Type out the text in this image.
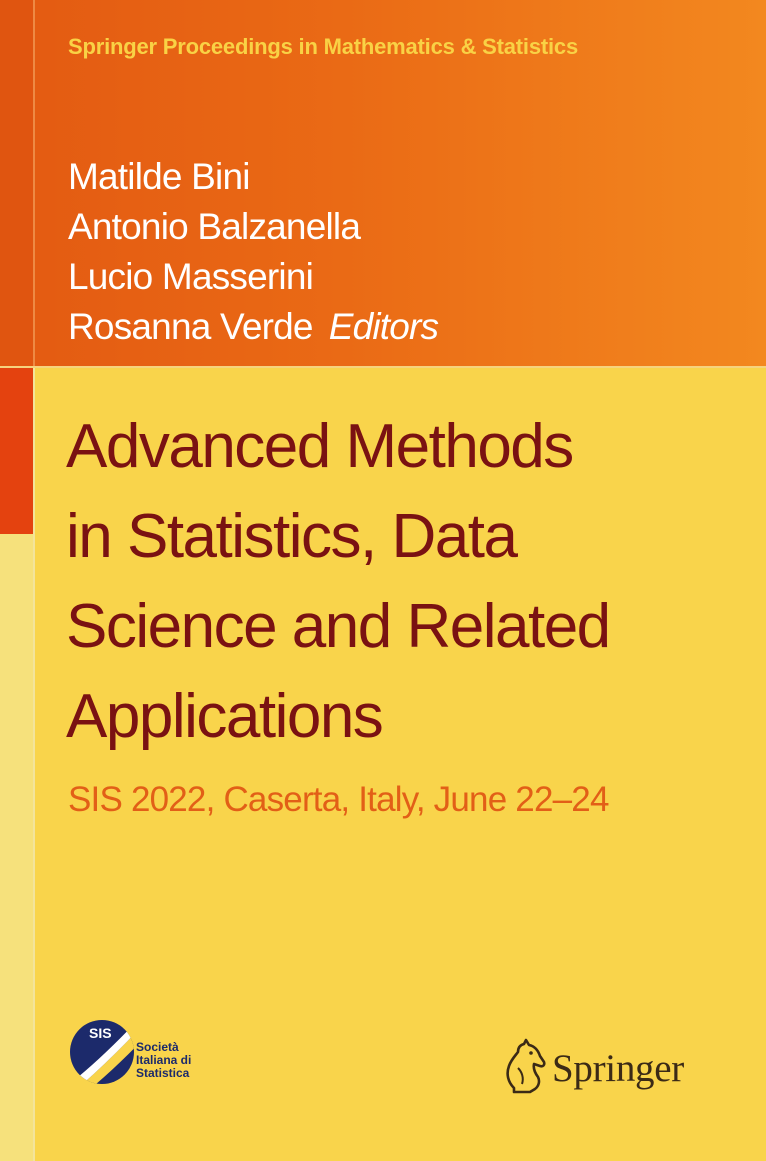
Springer Proceedings in Mathematics & Statistics
Matilde Bini
Antonio Balzanella
Lucio Masserini
Rosanna Verde Editors
Advanced Methods
in Statistics, Data
Science and Related
Applications
SIS 2022, Caserta, Italy, June 22–24
SIS
Società
Italiana di
Statistica	Springer
